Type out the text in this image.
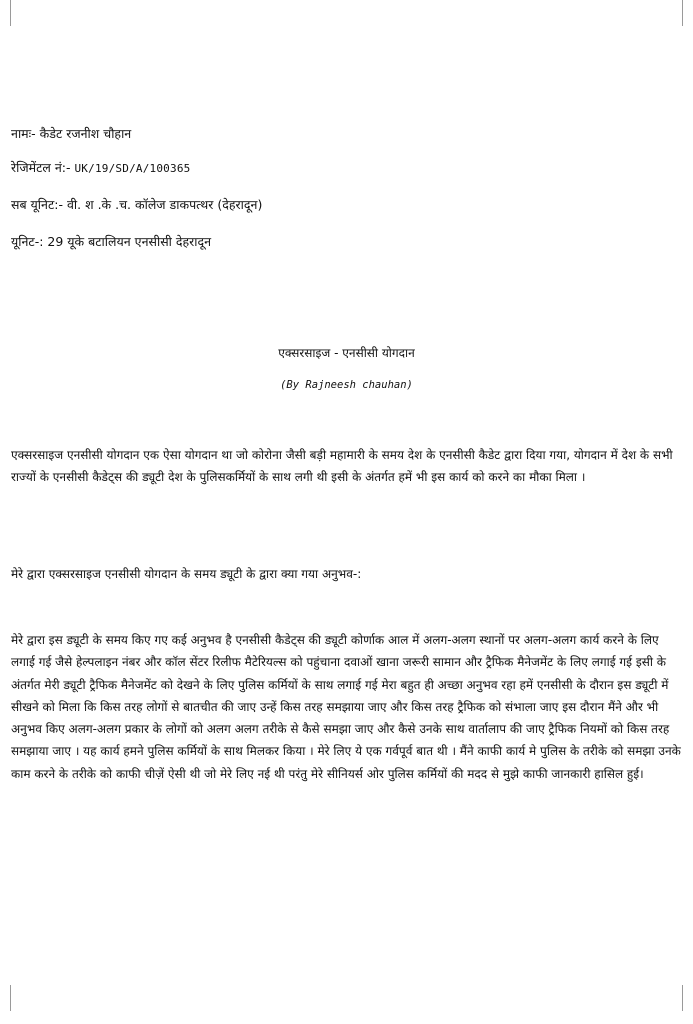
नामः- कैडेट रजनीश चौहान
रेजिमेंटल नं:- UK/19/SD/A/100365
सब यूनिट:- वी. श .के .च. कॉलेज डाकपत्थर (देहरादून)
यूनिट-: 29 यूके बटालियन एनसीसी देहरादून
एक्सरसाइज - एनसीसी योगदान
(By Rajneesh chauhan)
एक्सरसाइज एनसीसी योगदान एक ऐसा योगदान था जो कोरोना जैसी बड़ी महामारी के समय देश के एनसीसी कैडेट द्वारा दिया गया, योगदान में देश के सभी राज्यों के एनसीसी कैडेट्स की ड्यूटी देश के पुलिसकर्मियों के साथ लगी थी इसी के अंतर्गत हमें भी इस कार्य को करने का मौका मिला ।
मेरे द्वारा एक्सरसाइज एनसीसी योगदान के समय ड्यूटी के द्वारा क्या गया अनुभव-:
मेरे द्वारा इस ड्यूटी के समय किए गए कई अनुभव है एनसीसी कैडेट्स की ड्यूटी कोर्णाक आल में अलग-अलग स्थानों पर अलग-अलग कार्य करने के लिए लगाई गई जैसे हेल्पलाइन नंबर और कॉल सेंटर रिलीफ मैटेरियल्स को पहुंचाना दवाओं खाना जरूरी सामान और ट्रैफिक मैनेजमेंट के लिए लगाई गई इसी के अंतर्गत मेरी ड्यूटी ट्रैफिक मैनेजमेंट को देखने के लिए पुलिस कर्मियों के साथ लगाई गई मेरा बहुत ही अच्छा अनुभव रहा हमें एनसीसी के दौरान इस ड्यूटी में सीखने को मिला कि किस तरह लोगों से बातचीत की जाए उन्हें किस तरह समझाया जाए और किस तरह ट्रैफिक को संभाला जाए इस दौरान मैंने और भी अनुभव किए अलग-अलग प्रकार के लोगों को अलग अलग तरीके से कैसे समझा जाए और कैसे उनके साथ वार्तालाप की जाए ट्रैफिक नियमों को किस तरह समझाया जाए । यह कार्य हमने पुलिस कर्मियों के साथ मिलकर किया । मेरे लिए ये एक गर्वपूर्व बात थी । मैंने काफी कार्य मे पुलिस के तरीके को समझा उनके काम करने के तरीके को काफी चीज़ें ऐसी थी जो मेरे लिए नई थी परंतु मेरे सीनियर्स ओर पुलिस कर्मियों की मदद से मुझे काफी जानकारी हासिल हुई।
